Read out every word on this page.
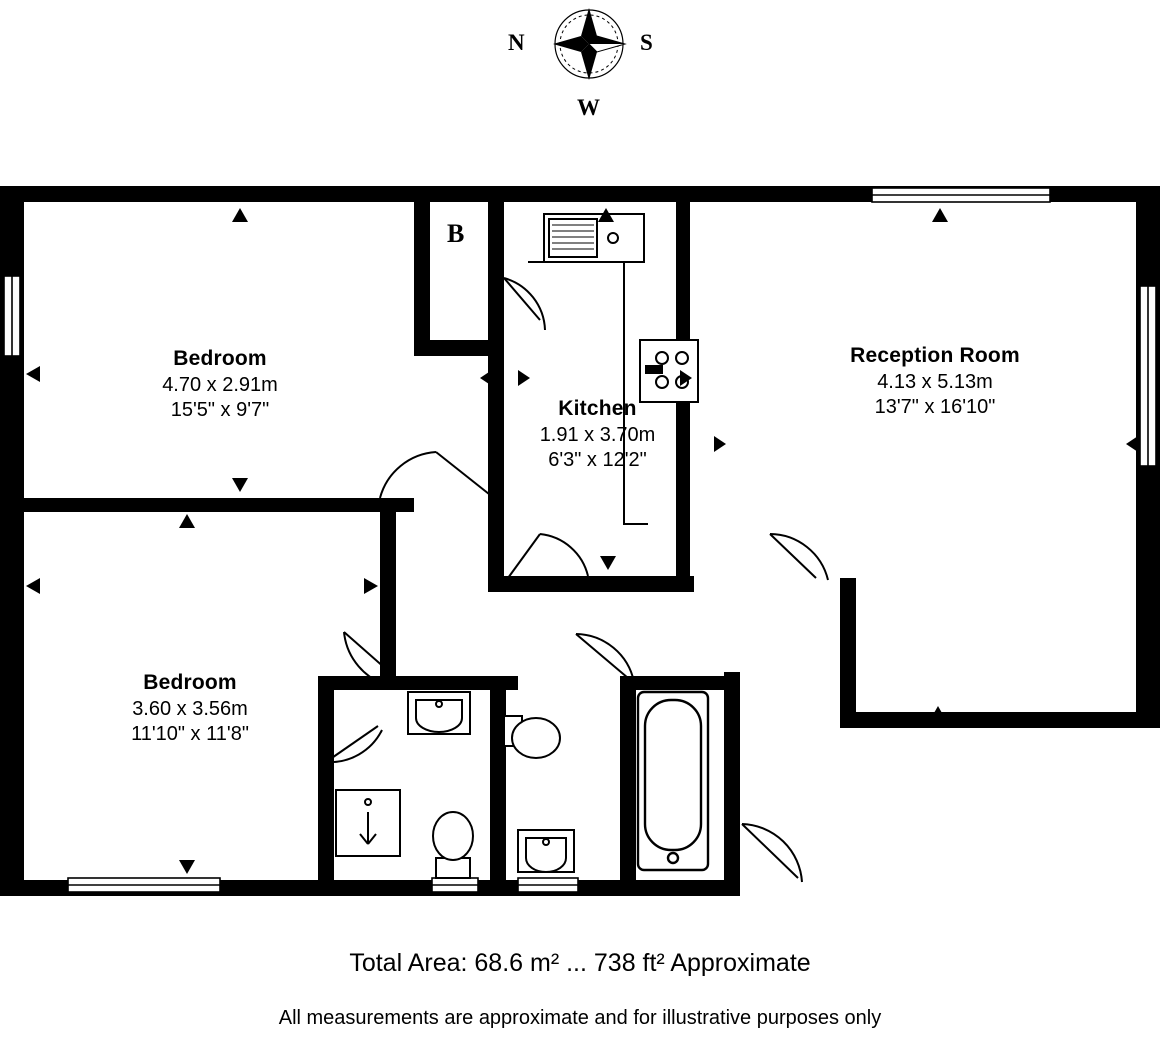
N	S
W
Bedroom
4.70 x 2.91m
15'5" x 9'7"
Bedroom
3.60 x 3.56m
11'10" x 11'8"
Kitchen
1.91 x 3.70m
6'3" x 12'2"
Reception Room
4.13 x 5.13m
13'7" x 16'10"
B
Total Area: 68.6 m² ... 738 ft² Approximate
All measurements are approximate and for illustrative purposes only
